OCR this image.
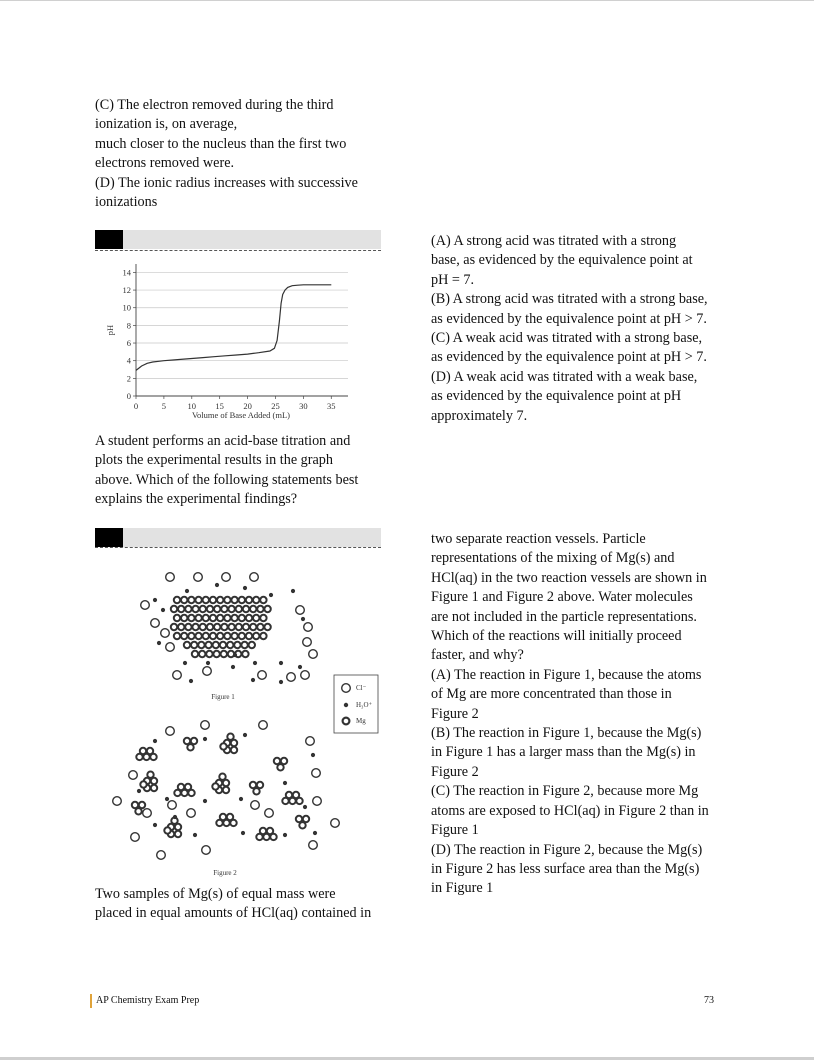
(C) The electron removed during the third

ionization is, on average,

much closer to the nucleus than the first two

electrons removed were.

(D) The ionic radius increases with successive

ionizations

0
2
4
6
8
10
12
14
0	5	10 15 20 25 30 35
Volume of Base Added (mL)
pH

A student performs an acid-base titration and

plots the experimental results in the graph

above. Which of the following statements best

explains the experimental findings?

(A) A strong acid was titrated with a strong

base, as evidenced by the equivalence point at

pH = 7.

(B) A strong acid was titrated with a strong base,

as evidenced by the equivalence point at pH > 7.

(C) A weak acid was titrated with a strong base,

as evidenced by the equivalence point at pH > 7.

(D) A weak acid was titrated with a weak base,

as evidenced by the equivalence point at pH

approximately 7.

Figure 1
Figure 2
Cl⁻
H₃O⁺
Mg

Two samples of Mg(s) of equal mass were

placed in equal amounts of HCl(aq) contained in

two separate reaction vessels. Particle

representations of the mixing of Mg(s) and

HCl(aq) in the two reaction vessels are shown in

Figure 1 and Figure 2 above. Water molecules

are not included in the particle representations.

Which of the reactions will initially proceed

faster, and why?

(A) The reaction in Figure 1, because the atoms

of Mg are more concentrated than those in

Figure 2

(B) The reaction in Figure 1, because the Mg(s)

in Figure 1 has a larger mass than the Mg(s) in

Figure 2

(C) The reaction in Figure 2, because more Mg

atoms are exposed to HCl(aq) in Figure 2 than in

Figure 1

(D) The reaction in Figure 2, because the Mg(s)

in Figure 2 has less surface area than the Mg(s)

in Figure 1

AP Chemistry Exam Prep	73
